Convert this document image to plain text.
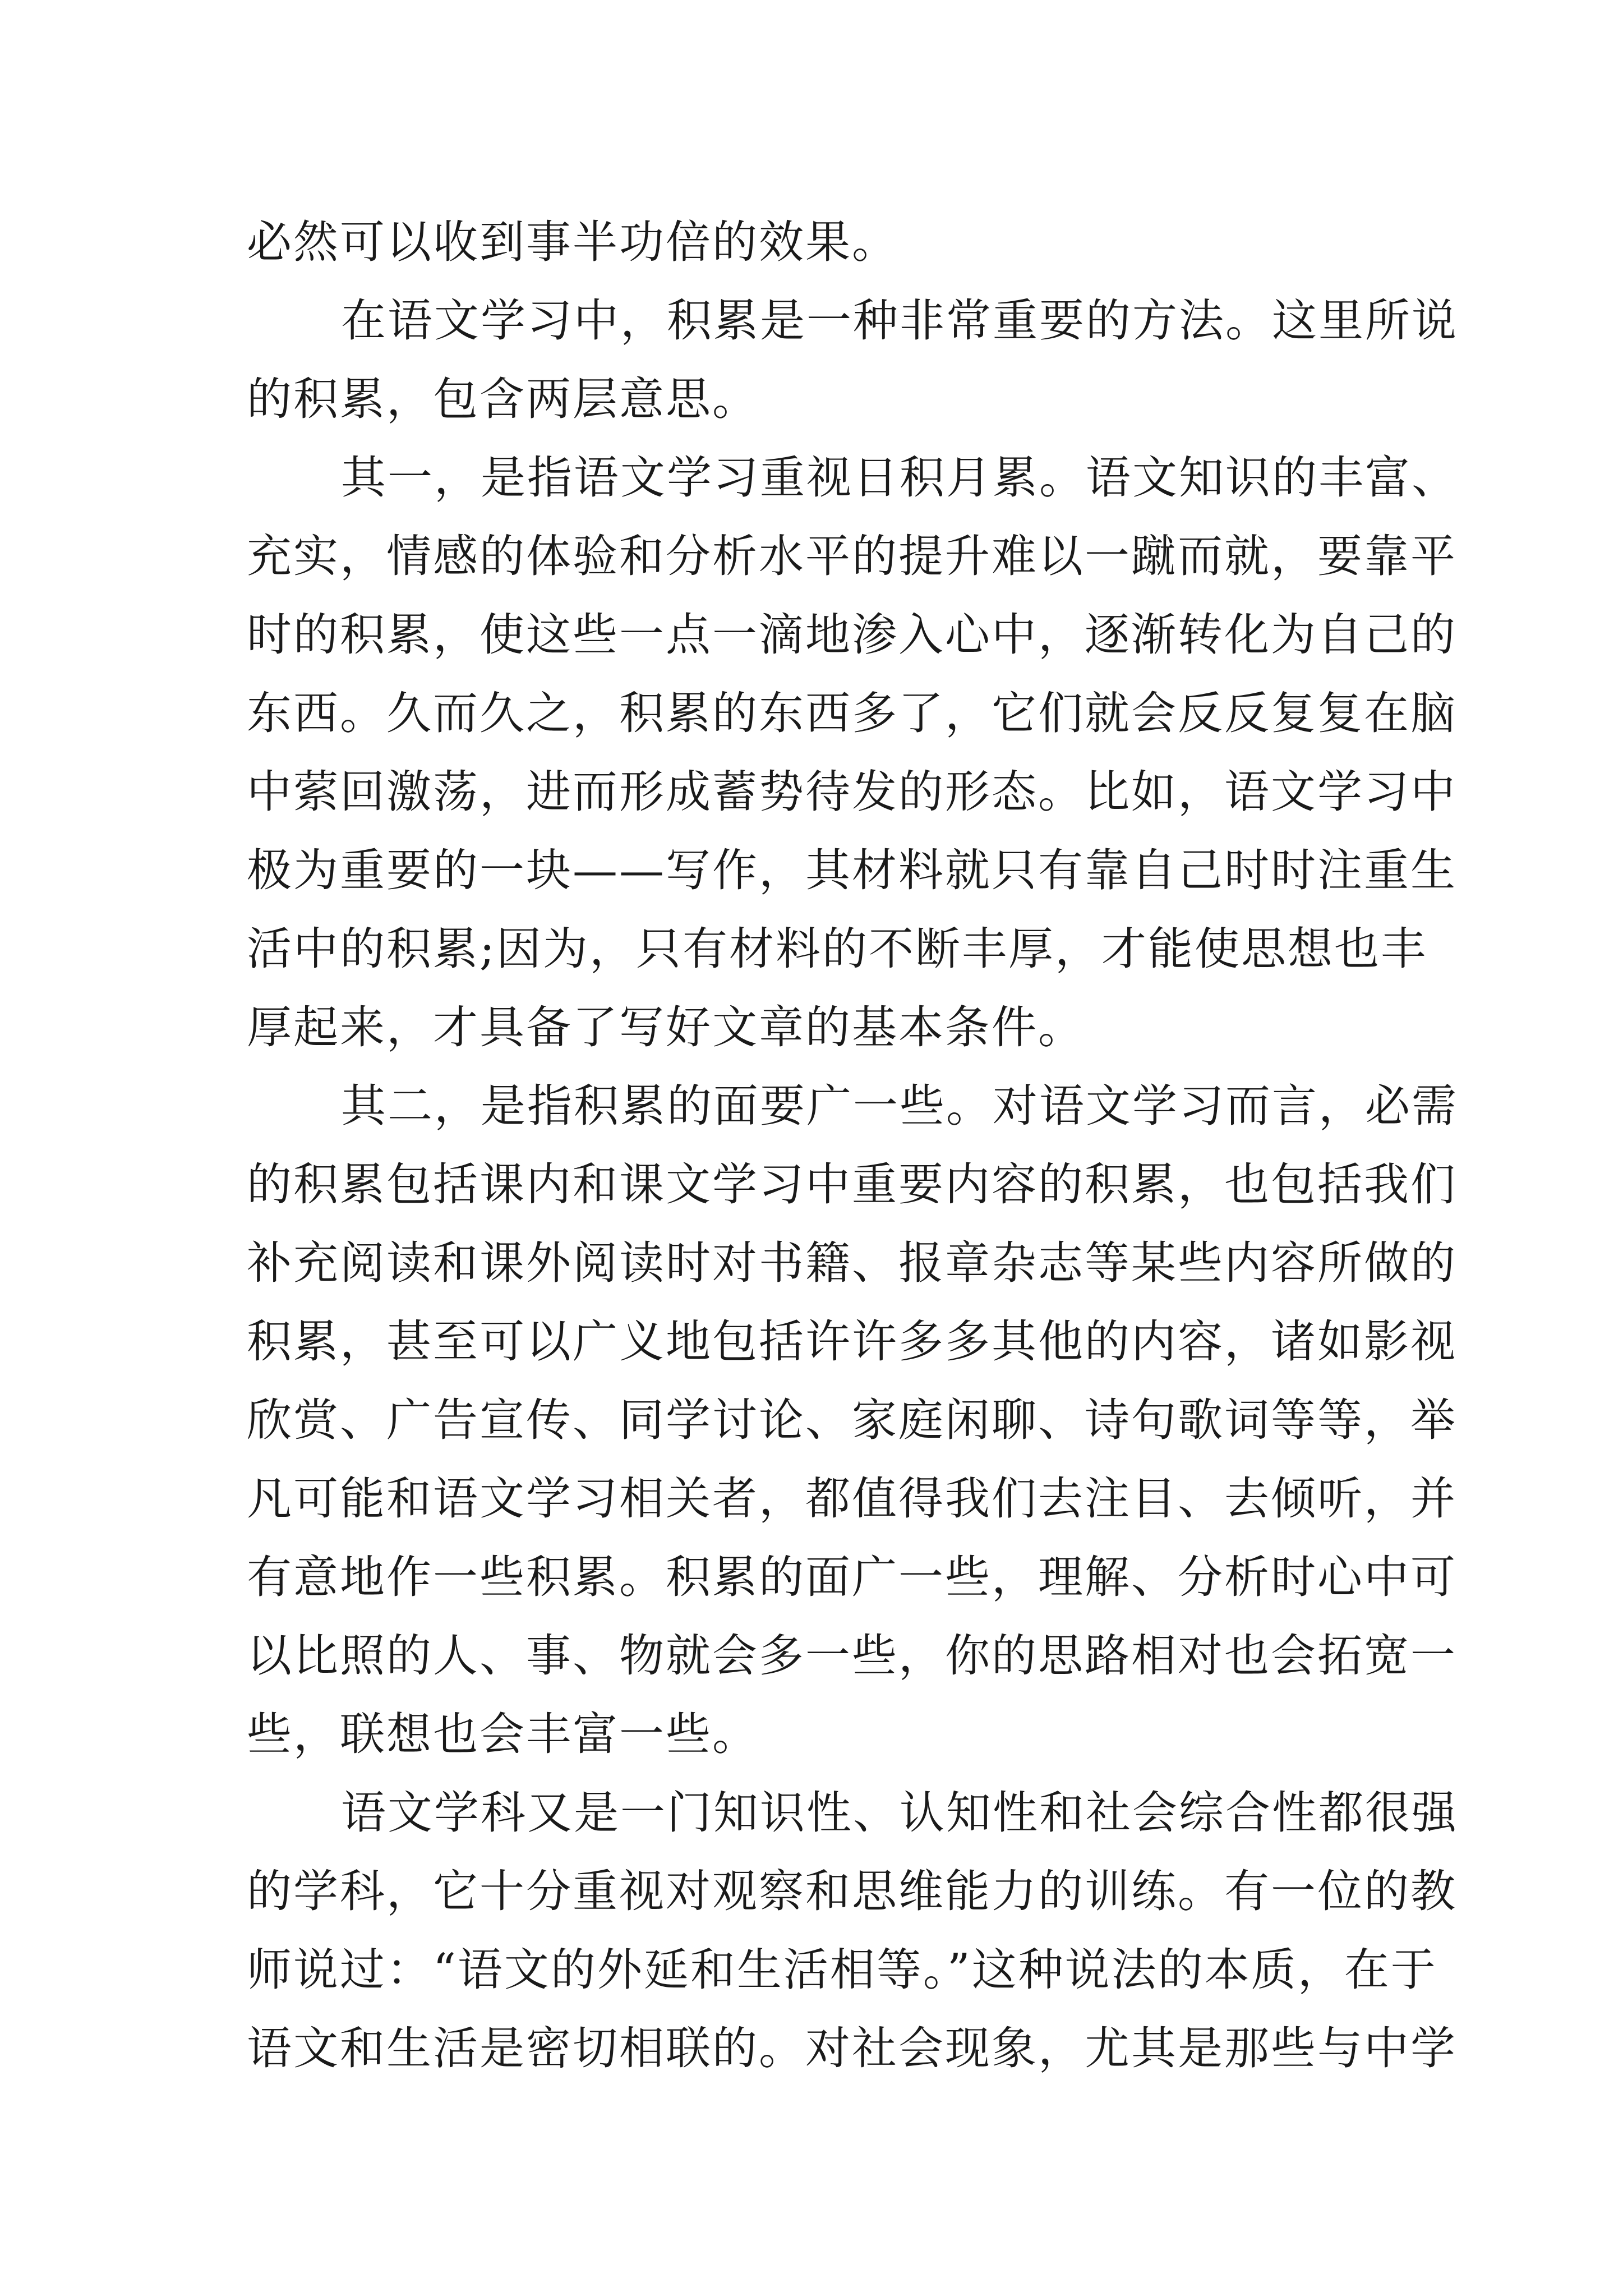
必然可以收到事半功倍的效果。
在语文学习中，积累是一种非常重要的方法。这里所说
的积累，包含两层意思。
其一，是指语文学习重视日积月累。语文知识的丰富、
充实，情感的体验和分析水平的提升难以一蹴而就，要靠平
时的积累，使这些一点一滴地渗入心中，逐渐转化为自己的
东西。久而久之，积累的东西多了，它们就会反反复复在脑
中萦回激荡，进而形成蓄势待发的形态。比如，语文学习中
极为重要的一块——写作，其材料就只有靠自己时时注重生
活中的积累;因为，只有材料的不断丰厚，才能使思想也丰
厚起来，才具备了写好文章的基本条件。
其二，是指积累的面要广一些。对语文学习而言，必需
的积累包括课内和课文学习中重要内容的积累，也包括我们
补充阅读和课外阅读时对书籍、报章杂志等某些内容所做的
积累，甚至可以广义地包括许许多多其他的内容，诸如影视
欣赏、广告宣传、同学讨论、家庭闲聊、诗句歌词等等，举
凡可能和语文学习相关者，都值得我们去注目、去倾听，并
有意地作一些积累。积累的面广一些，理解、分析时心中可
以比照的人、事、物就会多一些，你的思路相对也会拓宽一
些，联想也会丰富一些。
语文学科又是一门知识性、认知性和社会综合性都很强
的学科，它十分重视对观察和思维能力的训练。有一位的教
师说过：“语文的外延和生活相等。”这种说法的本质，在于
语文和生活是密切相联的。对社会现象，尤其是那些与中学
